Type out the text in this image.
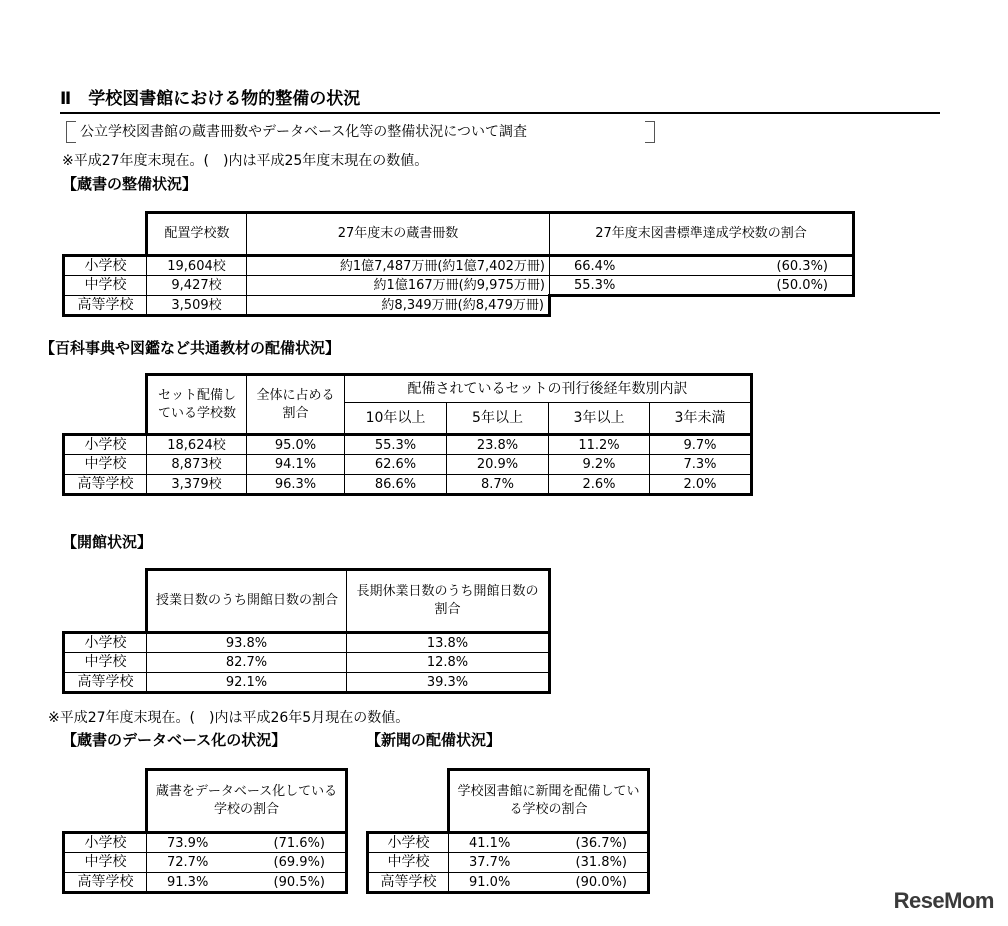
Ⅱ　学校図書館における物的整備の状況
公立学校図書館の蔵書冊数やデータベース化等の整備状況について調査
※平成27年度末現在。(　)内は平成25年度末現在の数値。
【蔵書の整備状況】
	配置学校数	27年度末の蔵書冊数	27年度末図書標準達成学校数の割合
小学校	19,604校	約1億7,487万冊(約1億7,402万冊)	66.4% (60.3%)

中学校	9,427校	約1億167万冊(約9,975万冊)	55.3% (50.0%)

高等学校	3,509校	約8,349万冊(約8,479万冊)	
【百科事典や図鑑など共通教材の配備状況】
	セット配備している学校数	全体に占める割合	配備されているセットの刊行後経年数別内訳			
			10年以上	5年以上	3年以上	3年未満
小学校	18,624校	95.0%	55.3%	23.8%	11.2%	9.7%
中学校	8,873校	94.1%	62.6%	20.9%	9.2%	7.3%
高等学校	3,379校	96.3%	86.6%	8.7%	2.6%	2.0%
【開館状況】
	授業日数のうち開館日数の割合	長期休業日数のうち開館日数の割合
小学校	93.8%	13.8%
中学校	82.7%	12.8%
高等学校	92.1%	39.3%
※平成27年度末現在。(　)内は平成26年5月現在の数値。
【蔵書のデータベース化の状況】
	蔵書をデータベース化している学校の割合
小学校	73.9% (71.6%)

中学校	72.7% (69.9%)

高等学校	91.3% (90.5%)
【新聞の配備状況】
	学校図書館に新聞を配備している学校の割合
小学校	41.1% (36.7%)

中学校	37.7% (31.8%)

高等学校	91.0% (90.0%)
ReseMom
